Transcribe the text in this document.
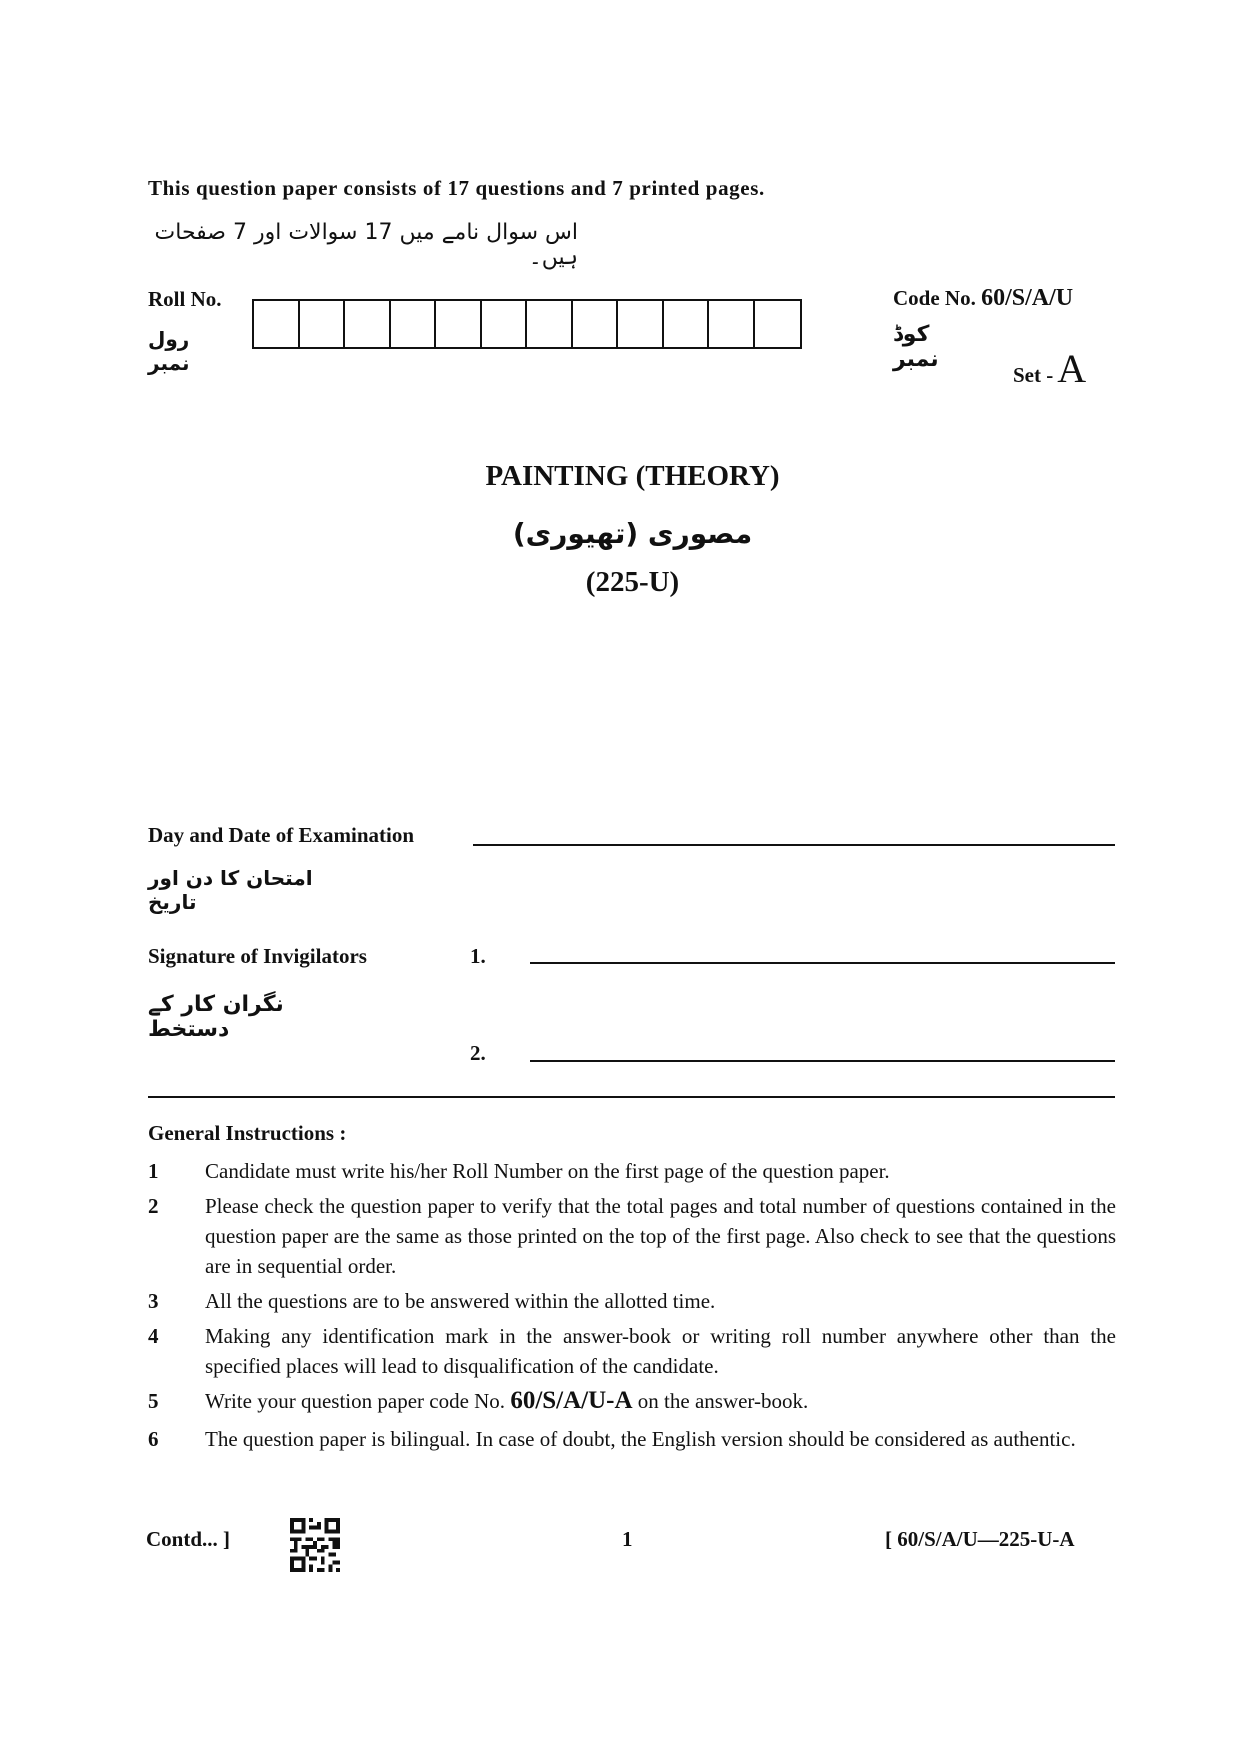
This question paper consists of 17 questions and 7 printed pages.
اس سوال نامے میں 17 سوالات اور 7 صفحات ہیں۔
Roll No.
رول نمبر
Code No. 60/S/A/U
کوڈ نمبر
Set - A
PAINTING (THEORY)
مصوری (تھیوری)
(225-U)
Day and Date of Examination
امتحان کا دن اور تاریخ
Signature of Invigilators	1.
نگران کار کے دستخط
2.
General Instructions :
1 Candidate must write his/her Roll Number on the first page of the question paper.
2 Please check the question paper to verify that the total pages and total number of questions contained in the question paper are the same as those printed on the top of the first page. Also check to see that the questions are in sequential order.
3 All the questions are to be answered within the allotted time.
4 Making any identification mark in the answer-book or writing roll number anywhere other than the specified places will lead to disqualification of the candidate.
5 Write your question paper code No. 60/S/A/U-A on the answer-book.
6 The question paper is bilingual. In case of doubt, the English version should be considered as authentic.
Contd... ]	1	[ 60/S/A/U—225-U-A
